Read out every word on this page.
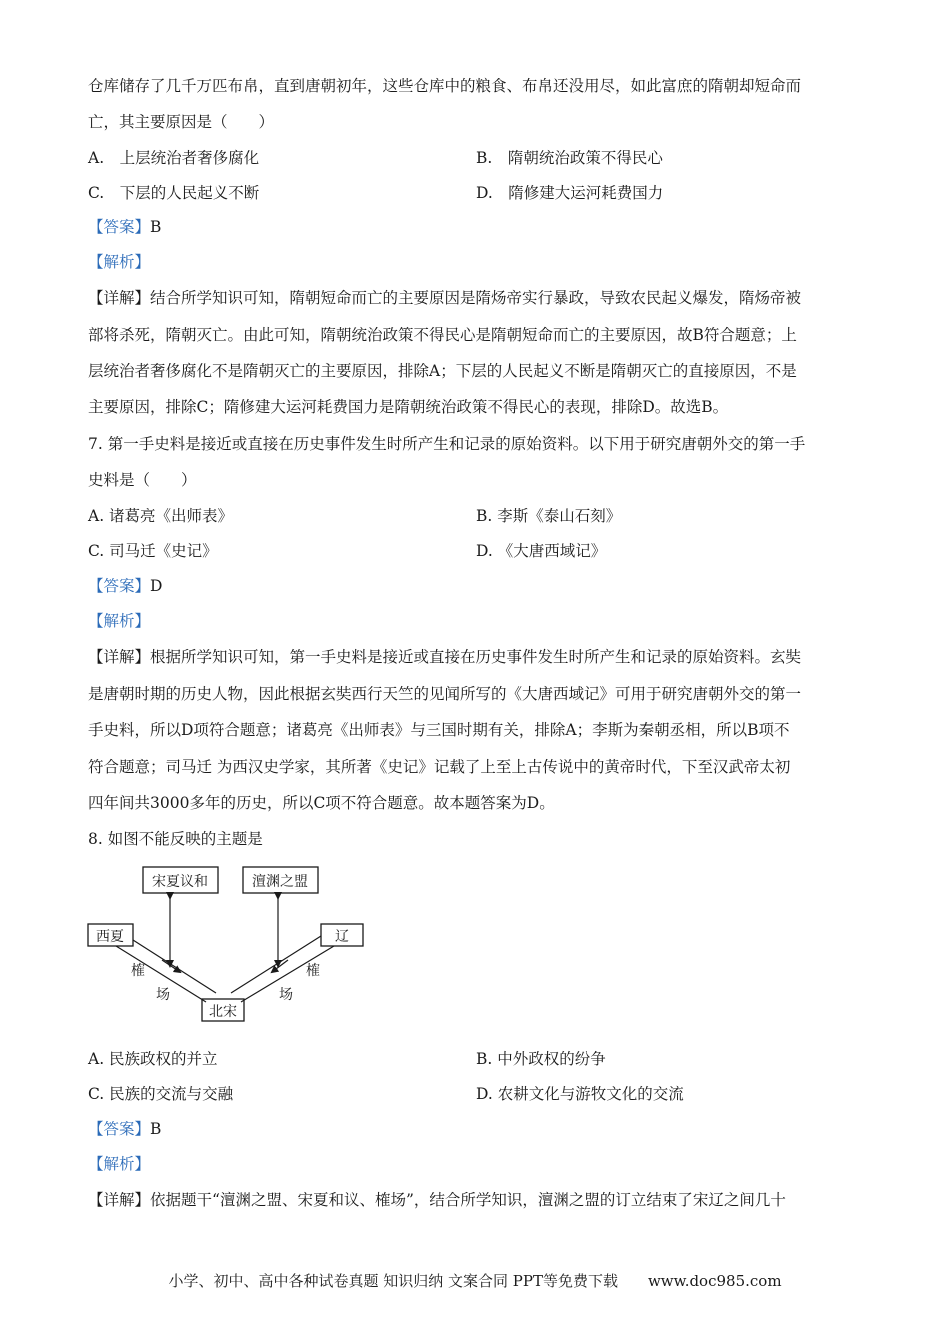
仓库储存了几千万匹布帛，直到唐朝初年，这些仓库中的粮食、布帛还没用尽，如此富庶的隋朝却短命而
亡，其主要原因是（　　）
A.　上层统治者奢侈腐化	B.　隋朝统治政策不得民心
C.　下层的人民起义不断	D.　隋修建大运河耗费国力
【答案】B
【解析】
【详解】结合所学知识可知，隋朝短命而亡的主要原因是隋炀帝实行暴政，导致农民起义爆发，隋炀帝被
部将杀死，隋朝灭亡。由此可知，隋朝统治政策不得民心是隋朝短命而亡的主要原因，故B符合题意；上
层统治者奢侈腐化不是隋朝灭亡的主要原因，排除A；下层的人民起义不断是隋朝灭亡的直接原因，不是
主要原因，排除C；隋修建大运河耗费国力是隋朝统治政策不得民心的表现，排除D。故选B。
7. 第一手史料是接近或直接在历史事件发生时所产生和记录的原始资料。以下用于研究唐朝外交的第一手
史料是（　　）
A. 诸葛亮《出师表》	B. 李斯《泰山石刻》
C. 司马迁《史记》	D. 《大唐西域记》
【答案】D
【解析】
【详解】根据所学知识可知，第一手史料是接近或直接在历史事件发生时所产生和记录的原始资料。玄奘
是唐朝时期的历史人物，因此根据玄奘西行天竺的见闻所写的《大唐西域记》可用于研究唐朝外交的第一
手史料，所以D项符合题意；诸葛亮《出师表》与三国时期有关，排除A；李斯为秦朝丞相，所以B项不
符合题意；司马迁 为西汉史学家，其所著《史记》记载了上至上古传说中的黄帝时代，下至汉武帝太初
四年间共3000多年的历史，所以C项不符合题意。故本题答案为D。
8. 如图不能反映的主题是
宋夏议和	澶渊之盟
西夏	辽
北宋
榷
场
榷
场
A. 民族政权的并立	B. 中外政权的纷争
C. 民族的交流与交融	D. 农耕文化与游牧文化的交流
【答案】B
【解析】
【详解】依据题干“澶渊之盟、宋夏和议、榷场”，结合所学知识，澶渊之盟的订立结束了宋辽之间几十
小学、初中、高中各种试卷真题 知识归纳 文案合同 PPT等免费下载　　www.doc985.com
